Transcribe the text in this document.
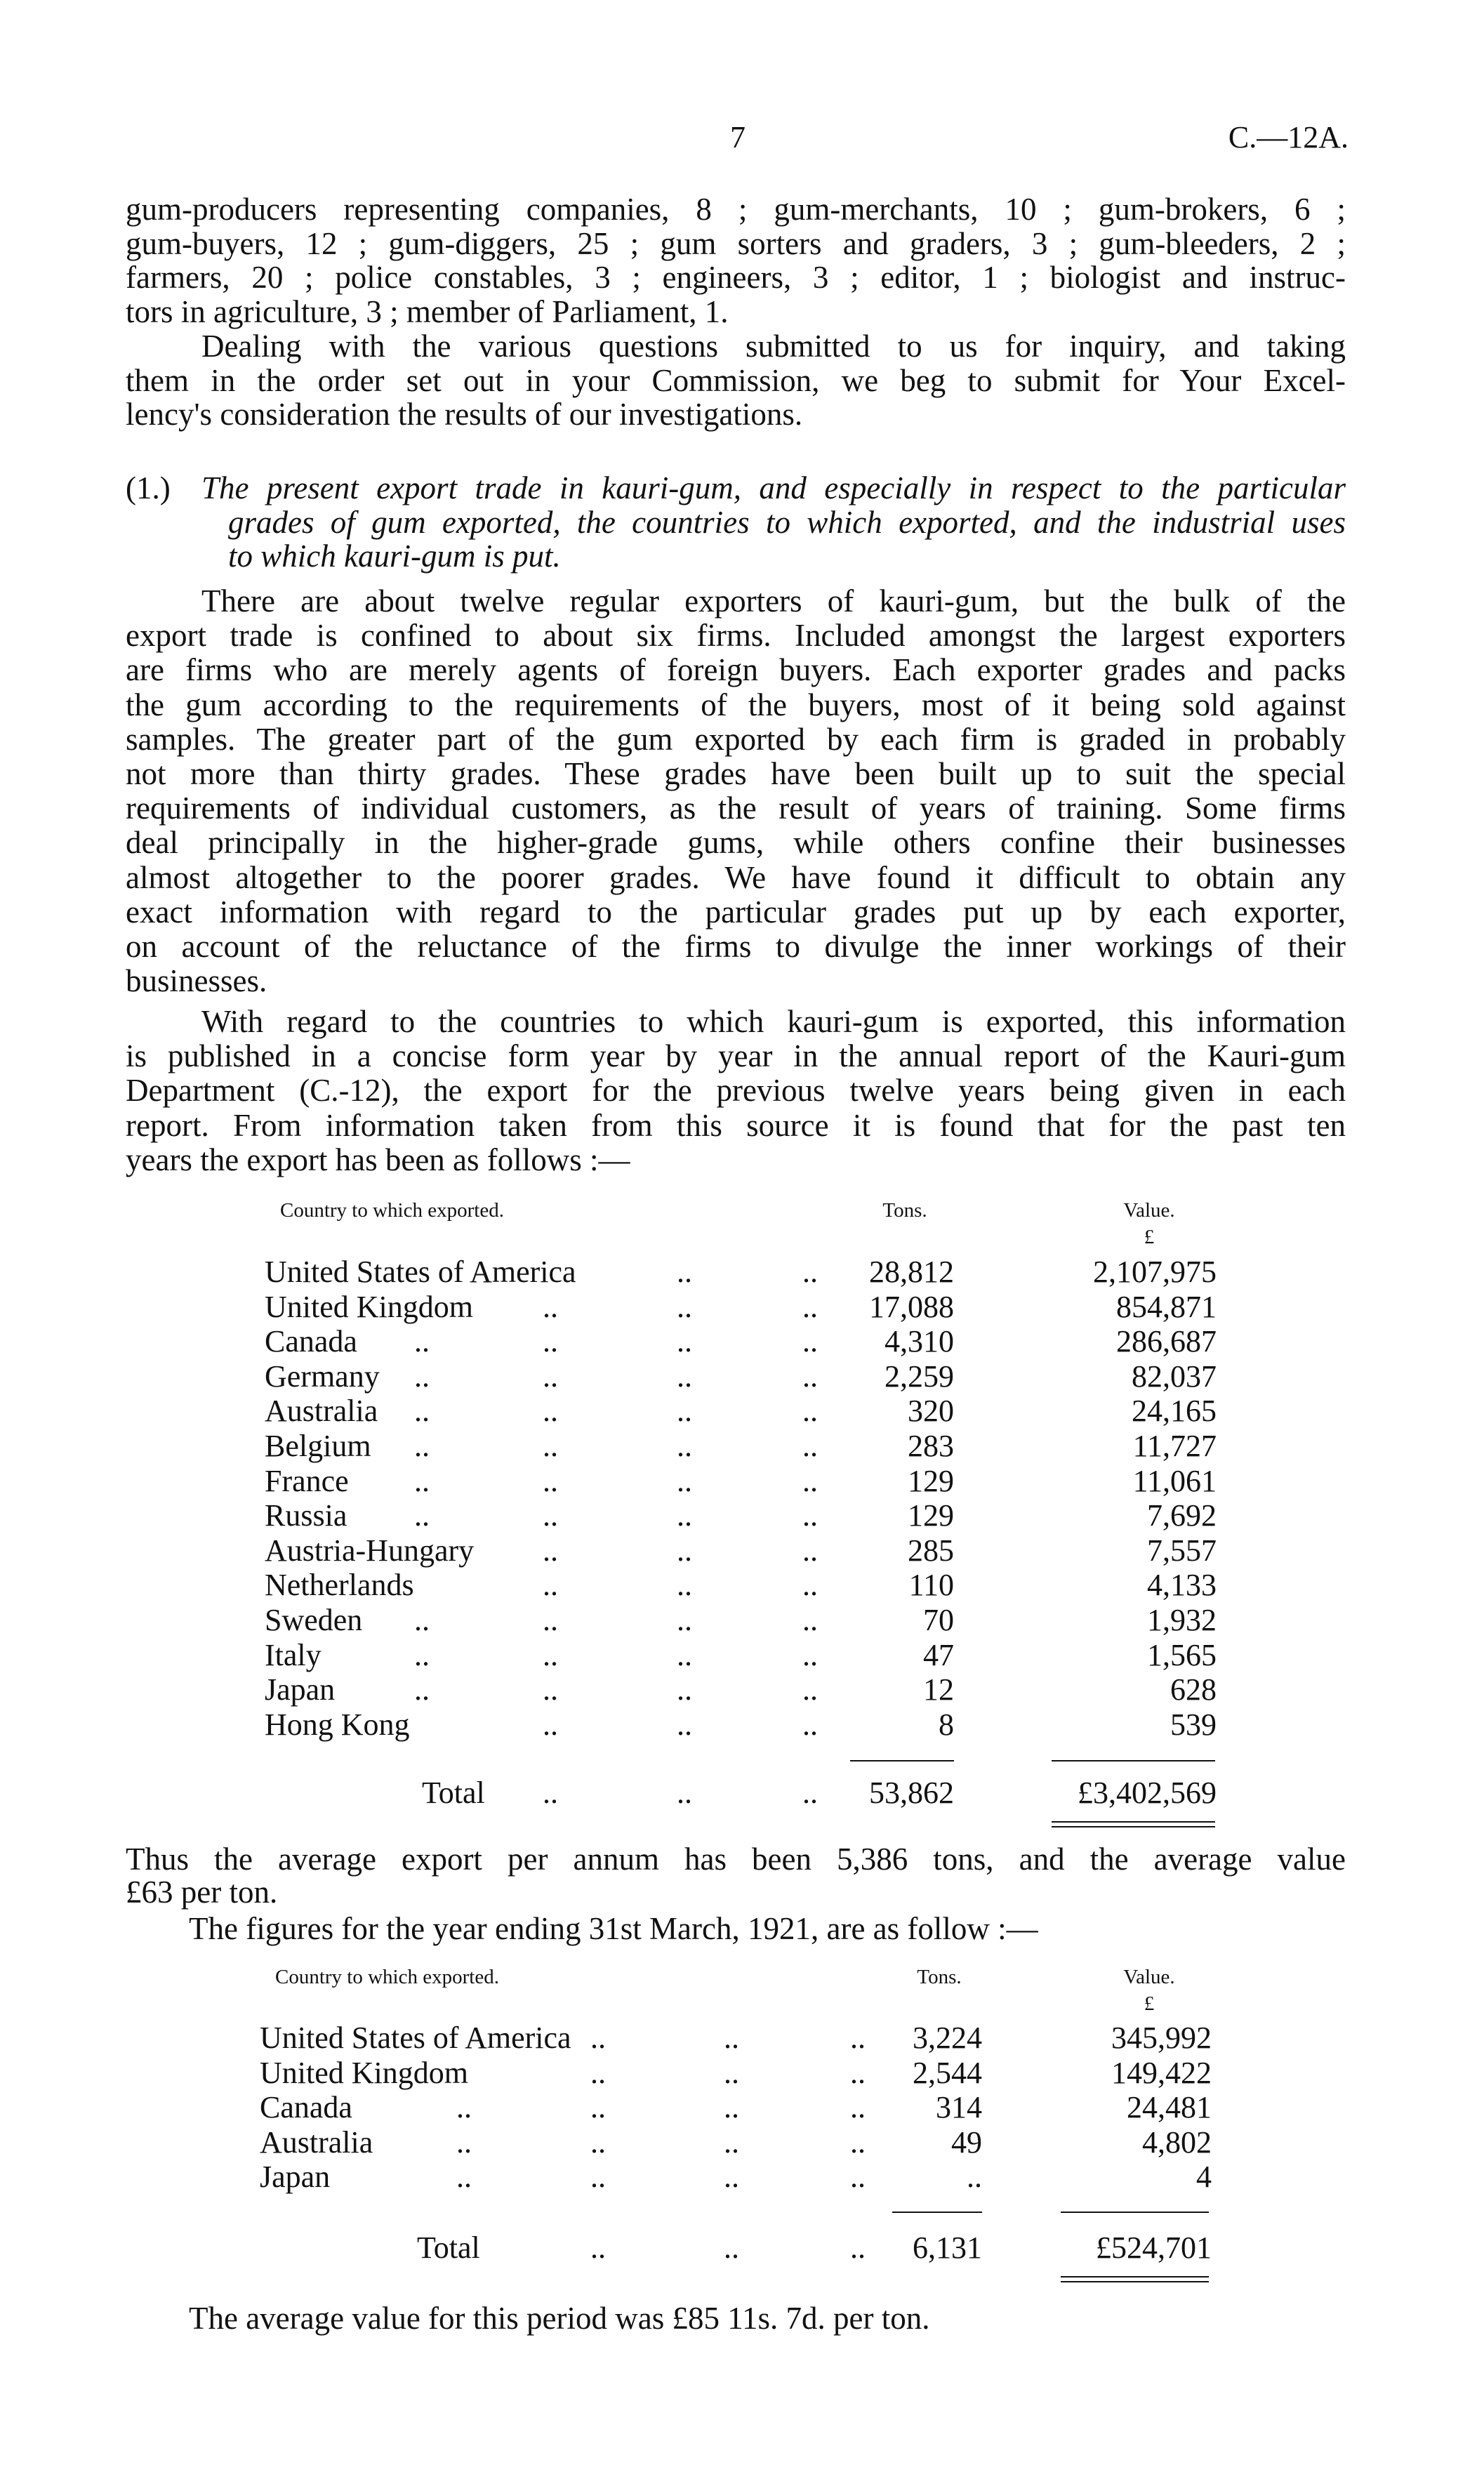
7	C.—12A.
gum-producers representing companies, 8 ; gum-merchants, 10 ; gum-brokers, 6 ;
gum-buyers, 12 ; gum-diggers, 25 ; gum sorters and graders, 3 ; gum-bleeders, 2 ;
farmers, 20 ; police constables, 3 ; engineers, 3 ; editor, 1 ; biologist and instruc-
tors in agriculture, 3 ; member of Parliament, 1.
Dealing with the various questions submitted to us for inquiry, and taking
them in the order set out in your Commission, we beg to submit for Your Excel-
lency's consideration the results of our investigations.
(1.) The present export trade in kauri-gum, and especially in respect to the particular
grades of gum exported, the countries to which exported, and the industrial uses
to which kauri-gum is put.
There are about twelve regular exporters of kauri-gum, but the bulk of the
export trade is confined to about six firms. Included amongst the largest exporters
are firms who are merely agents of foreign buyers. Each exporter grades and packs
the gum according to the requirements of the buyers, most of it being sold against
samples. The greater part of the gum exported by each firm is graded in probably
not more than thirty grades. These grades have been built up to suit the special
requirements of individual customers, as the result of years of training. Some firms
deal principally in the higher-grade gums, while others confine their businesses
almost altogether to the poorer grades. We have found it difficult to obtain any
exact information with regard to the particular grades put up by each exporter,
on account of the reluctance of the firms to divulge the inner workings of their
businesses.
With regard to the countries to which kauri-gum is exported, this information
is published in a concise form year by year in the annual report of the Kauri-gum
Department (C.-12), the export for the previous twelve years being given in each
report. From information taken from this source it is found that for the past ten
years the export has been as follows :—
Country to which exported.	Tons.	Value.
£
United States of America	..	..	28,812	2,107,975
United Kingdom ..	..	..	17,088	854,871
Canada ..	..	..	..	4,310	286,687
Germany ..	..	..	..	2,259	82,037
Australia ..	..	..	..	320	24,165
Belgium ..	..	..	..	283	11,727
France ..	..	..	..	129	11,061
Russia ..	..	..	..	129	7,692
Austria-Hungary ..	..	..	285	7,557
Netherlands	..	..	..	110	4,133
Sweden ..	..	..	..	70	1,932
Italy	..	..	..	..	47	1,565
Japan	..	..	..	..	12	628
Hong Kong	..	..	..	8	539
Total ..	..	..	53,862	£3,402,569
Thus the average export per annum has been 5,386 tons, and the average value
£63 per ton.
The figures for the year ending 31st March, 1921, are as follow :—
Country to which exported.	Tons.	Value.
£
United States of America ..	..	..	3,224	345,992
United Kingdom	..	..	..	2,544	149,422
Canada	..	..	..	..	314	24,481
Australia	..	..	..	..	49	4,802
Japan	..	..	..	..	..	4
Total	..	..	..	6,131	£524,701
The average value for this period was £85 11s. 7d. per ton.
